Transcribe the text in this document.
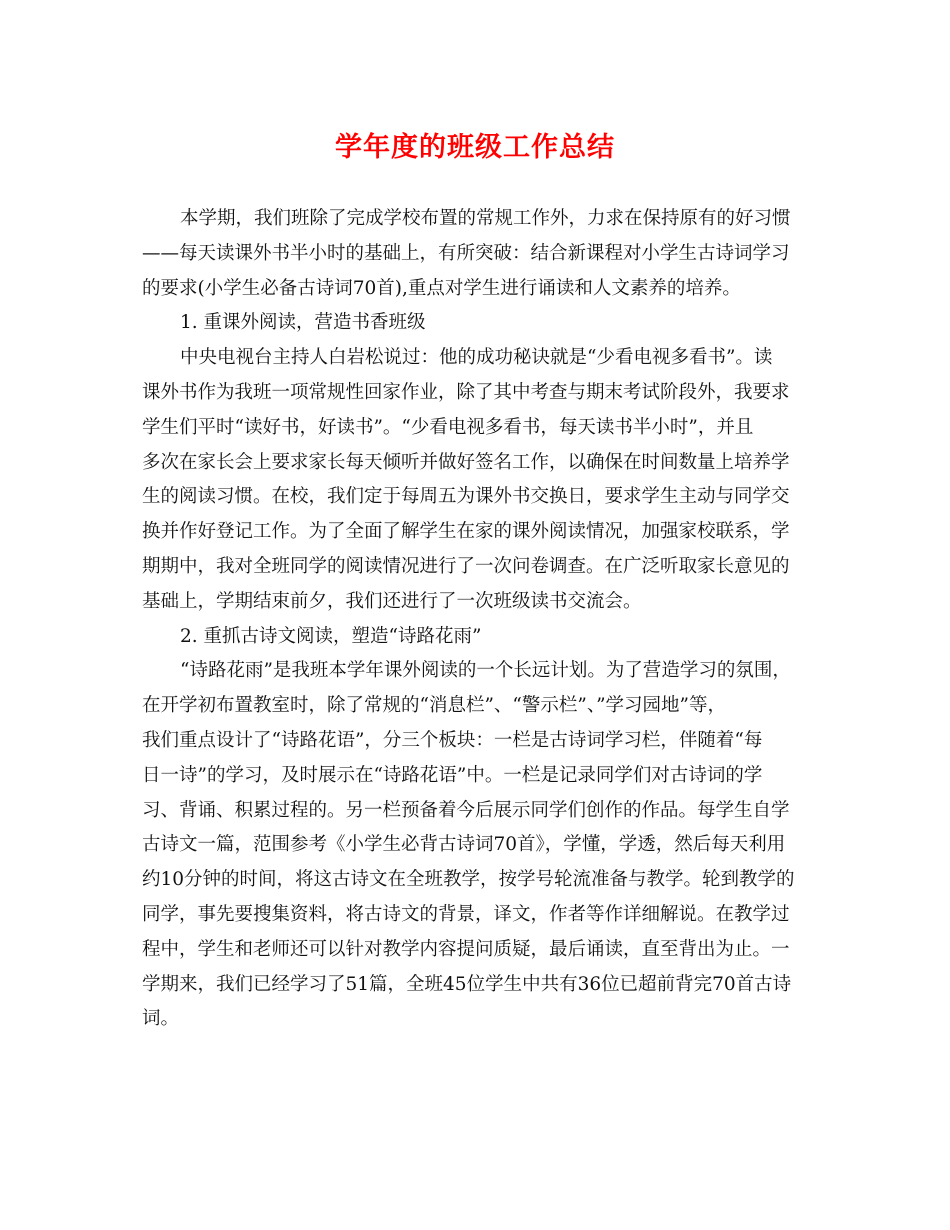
学年度的班级工作总结
本学期，我们班除了完成学校布置的常规工作外，力求在保持原有的好习惯
——每天读课外书半小时的基础上，有所突破：结合新课程对小学生古诗词学习
的要求(小学生必备古诗词70首),重点对学生进行诵读和人文素养的培养。
1. 重课外阅读，营造书香班级
中央电视台主持人白岩松说过：他的成功秘诀就是“少看电视多看书”。读
课外书作为我班一项常规性回家作业，除了其中考查与期末考试阶段外，我要求
学生们平时“读好书，好读书”。“少看电视多看书，每天读书半小时”，并且
多次在家长会上要求家长每天倾听并做好签名工作，以确保在时间数量上培养学
生的阅读习惯。在校，我们定于每周五为课外书交换日，要求学生主动与同学交
换并作好登记工作。为了全面了解学生在家的课外阅读情况，加强家校联系，学
期期中，我对全班同学的阅读情况进行了一次问卷调查。在广泛听取家长意见的
基础上，学期结束前夕，我们还进行了一次班级读书交流会。
2. 重抓古诗文阅读，塑造“诗路花雨”
“诗路花雨”是我班本学年课外阅读的一个长远计划。为了营造学习的氛围，
在开学初布置教室时，除了常规的“消息栏”、“警示栏”、”学习园地”等，
我们重点设计了“诗路花语”，分三个板块：一栏是古诗词学习栏，伴随着“每
日一诗”的学习，及时展示在“诗路花语”中。一栏是记录同学们对古诗词的学
习、背诵、积累过程的。另一栏预备着今后展示同学们创作的作品。每学生自学
古诗文一篇，范围参考《小学生必背古诗词70首》，学懂，学透，然后每天利用
约10分钟的时间，将这古诗文在全班教学，按学号轮流准备与教学。轮到教学的
同学，事先要搜集资料，将古诗文的背景，译文，作者等作详细解说。在教学过
程中，学生和老师还可以针对教学内容提问质疑，最后诵读，直至背出为止。一
学期来，我们已经学习了51篇，全班45位学生中共有36位已超前背完70首古诗
词。
